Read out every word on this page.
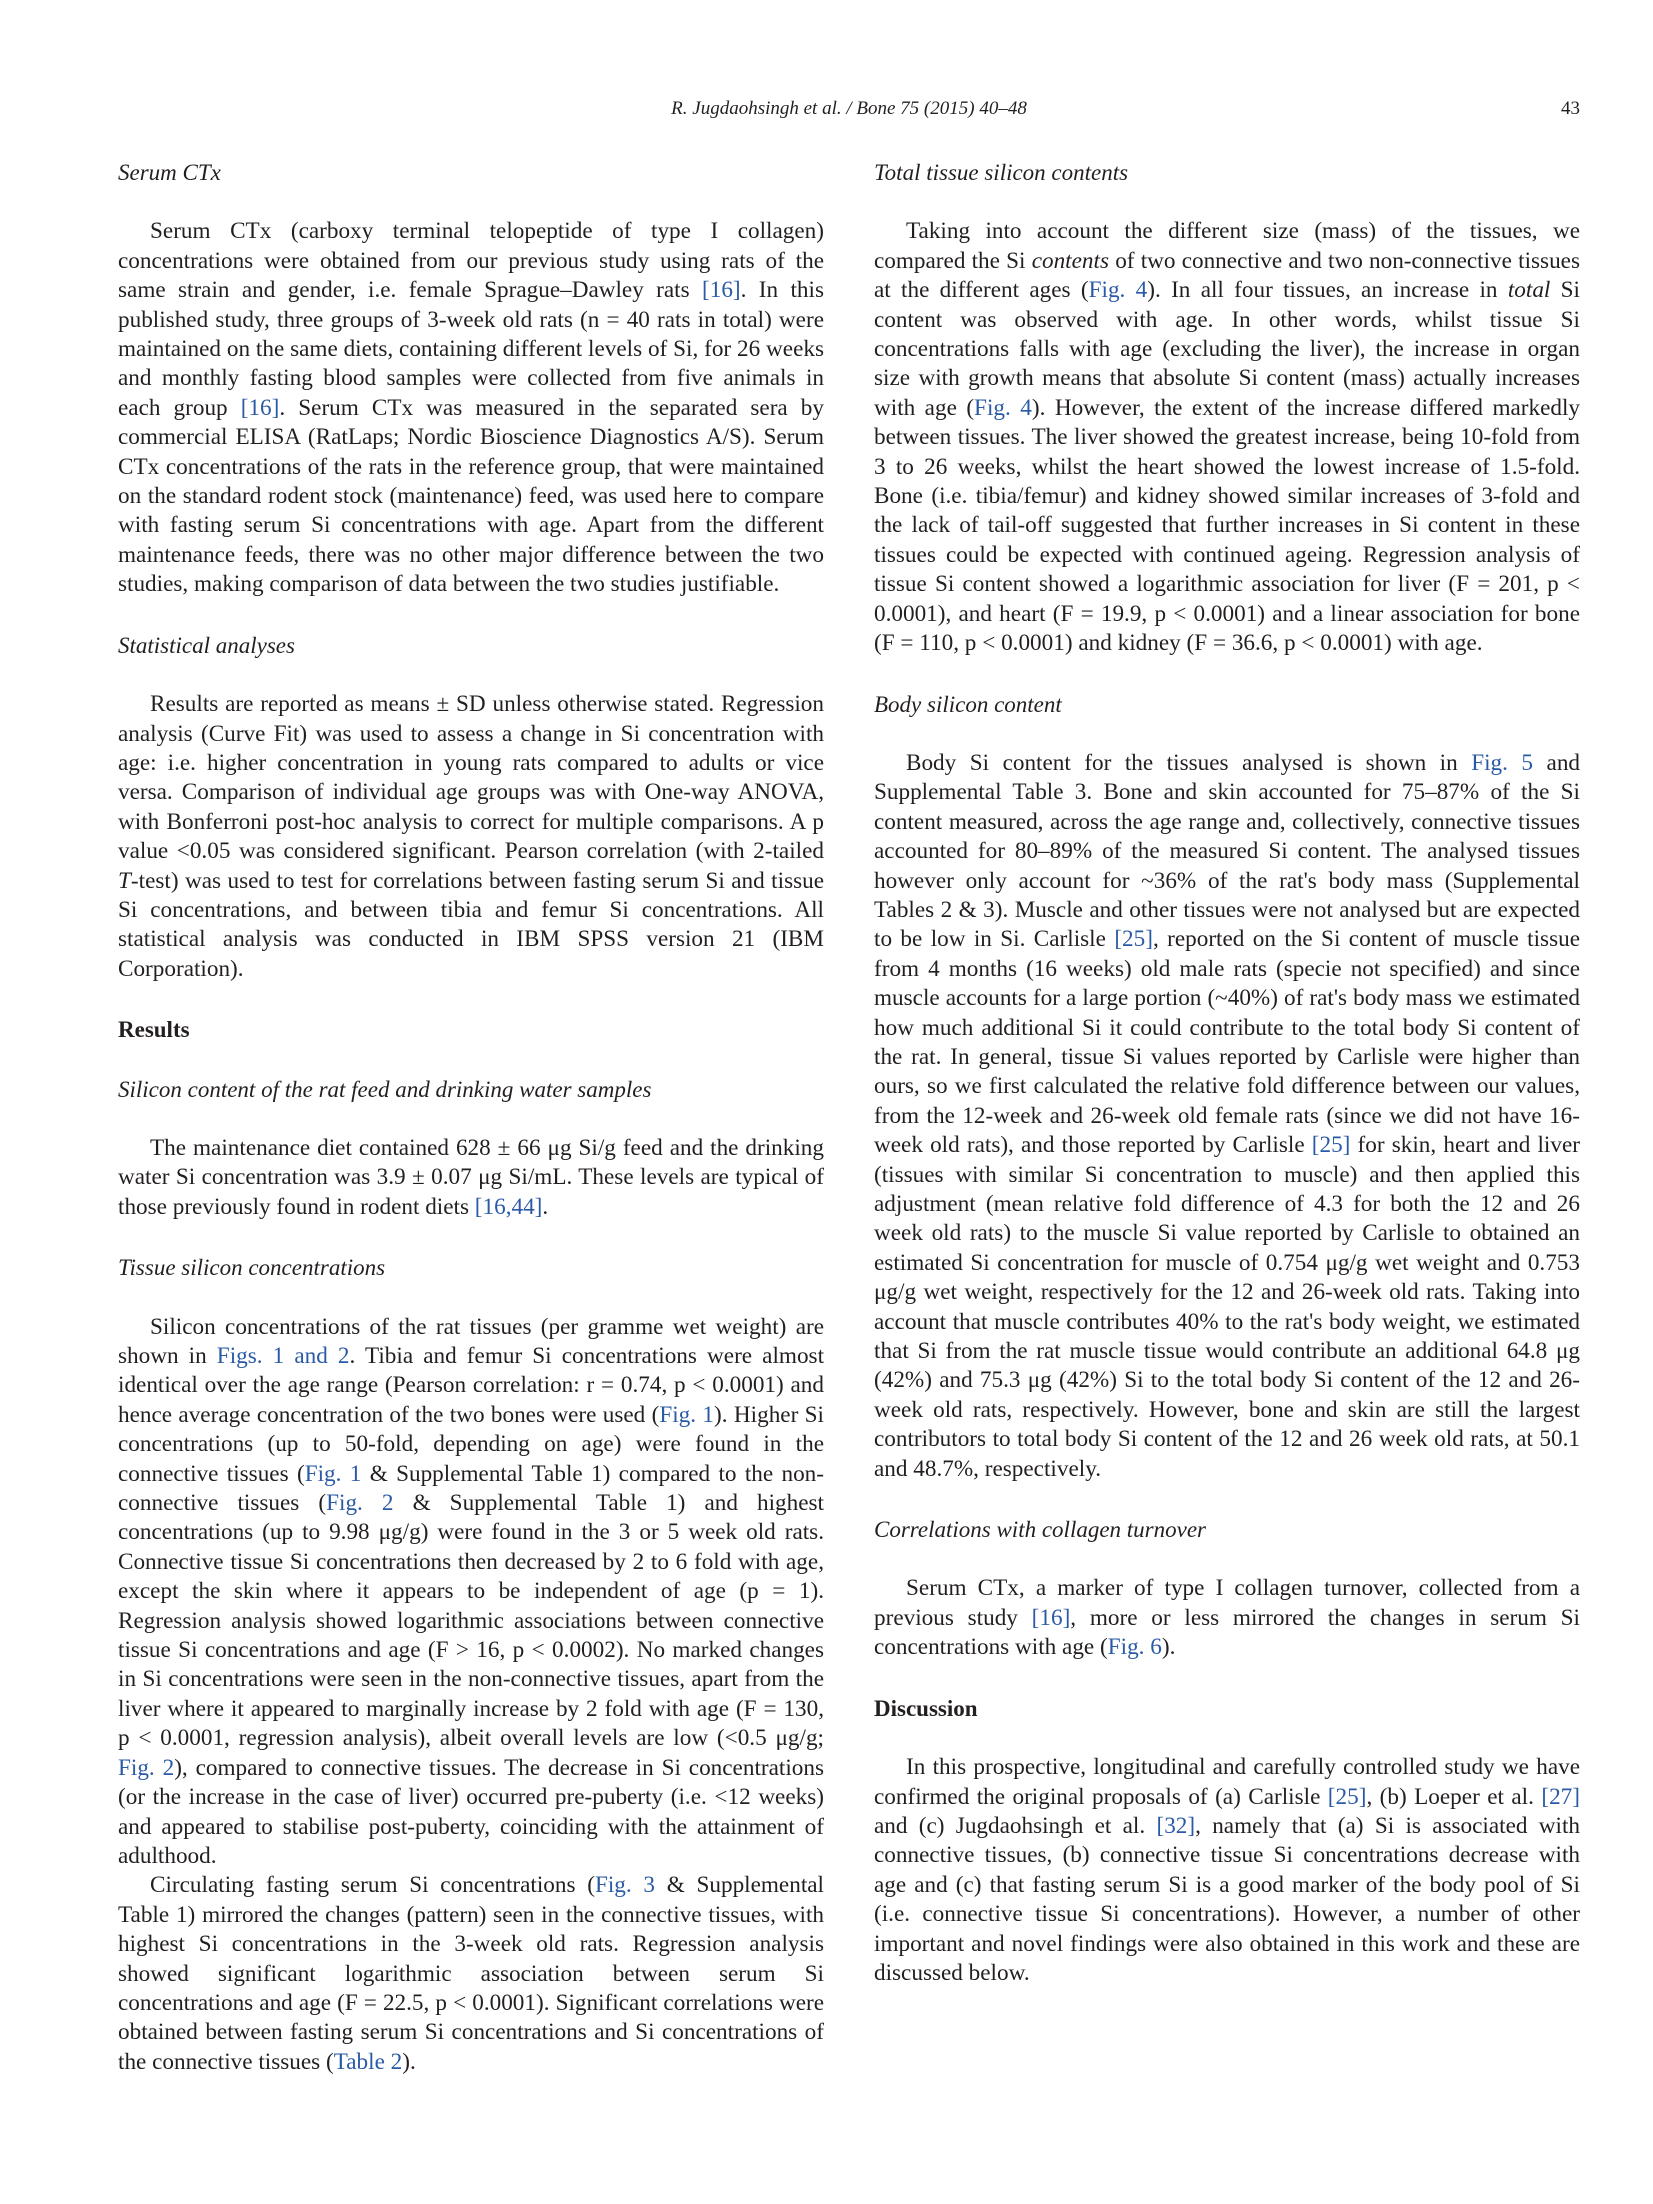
R. Jugdaohsingh et al. / Bone 75 (2015) 40–48	43
Serum CTx

Serum CTx (carboxy terminal telopeptide of type I collagen) concentrations were obtained from our previous study using rats of the same strain and gender, i.e. female Sprague–Dawley rats [16]. In this published study, three groups of 3-week old rats (n = 40 rats in total) were maintained on the same diets, containing different levels of Si, for 26 weeks and monthly fasting blood samples were collected from five animals in each group [16]. Serum CTx was measured in the separated sera by commercial ELISA (RatLaps; Nordic Bioscience Diagnostics A/S). Serum CTx concentrations of the rats in the reference group, that were maintained on the standard rodent stock (maintenance) feed, was used here to compare with fasting serum Si concentrations with age. Apart from the different maintenance feeds, there was no other major difference between the two studies, making comparison of data between the two studies justifiable.

Statistical analyses

Results are reported as means ± SD unless otherwise stated. Regression analysis (Curve Fit) was used to assess a change in Si concentration with age: i.e. higher concentration in young rats compared to adults or vice versa. Comparison of individual age groups was with One-way ANOVA, with Bonferroni post-hoc analysis to correct for multiple comparisons. A p value <0.05 was considered significant. Pearson correlation (with 2-tailed T-test) was used to test for correlations between fasting serum Si and tissue Si concentrations, and between tibia and femur Si concentrations. All statistical analysis was conducted in IBM SPSS version 21 (IBM Corporation).

Results
Silicon content of the rat feed and drinking water samples

The maintenance diet contained 628 ± 66 μg Si/g feed and the drinking water Si concentration was 3.9 ± 0.07 μg Si/mL. These levels are typical of those previously found in rodent diets [16,44].

Tissue silicon concentrations

Silicon concentrations of the rat tissues (per gramme wet weight) are shown in Figs. 1 and 2. Tibia and femur Si concentrations were almost identical over the age range (Pearson correlation: r = 0.74, p < 0.0001) and hence average concentration of the two bones were used (Fig. 1). Higher Si concentrations (up to 50-fold, depending on age) were found in the connective tissues (Fig. 1 & Supplemental Table 1) compared to the non-connective tissues (Fig. 2 & Supplemental Table 1) and highest concentrations (up to 9.98 μg/g) were found in the 3 or 5 week old rats. Connective tissue Si concentrations then decreased by 2 to 6 fold with age, except the skin where it appears to be independent of age (p = 1). Regression analysis showed logarithmic associations between connective tissue Si concentrations and age (F > 16, p < 0.0002). No marked changes in Si concentrations were seen in the non-connective tissues, apart from the liver where it appeared to marginally increase by 2 fold with age (F = 130, p < 0.0001, regression analysis), albeit overall levels are low (<0.5 μg/g; Fig. 2), compared to connective tissues. The decrease in Si concentrations (or the increase in the case of liver) occurred pre-puberty (i.e. <12 weeks) and appeared to stabilise post-puberty, coinciding with the attainment of adulthood.

Circulating fasting serum Si concentrations (Fig. 3 & Supplemental Table 1) mirrored the changes (pattern) seen in the connective tissues, with highest Si concentrations in the 3-week old rats. Regression analysis showed significant logarithmic association between serum Si concentrations and age (F = 22.5, p < 0.0001). Significant correlations were obtained between fasting serum Si concentrations and Si concentrations of the connective tissues (Table 2).

Total tissue silicon contents

Taking into account the different size (mass) of the tissues, we compared the Si contents of two connective and two non-connective tissues at the different ages (Fig. 4). In all four tissues, an increase in total Si content was observed with age. In other words, whilst tissue Si concentrations falls with age (excluding the liver), the increase in organ size with growth means that absolute Si content (mass) actually increases with age (Fig. 4). However, the extent of the increase differed markedly between tissues. The liver showed the greatest increase, being 10-fold from 3 to 26 weeks, whilst the heart showed the lowest increase of 1.5-fold. Bone (i.e. tibia/femur) and kidney showed similar increases of 3-fold and the lack of tail-off suggested that further increases in Si content in these tissues could be expected with continued ageing. Regression analysis of tissue Si content showed a logarithmic association for liver (F = 201, p < 0.0001), and heart (F = 19.9, p < 0.0001) and a linear association for bone (F = 110, p < 0.0001) and kidney (F = 36.6, p < 0.0001) with age.

Body silicon content

Body Si content for the tissues analysed is shown in Fig. 5 and Supplemental Table 3. Bone and skin accounted for 75–87% of the Si content measured, across the age range and, collectively, connective tissues accounted for 80–89% of the measured Si content. The analysed tissues however only account for ~36% of the rat's body mass (Supplemental Tables 2 & 3). Muscle and other tissues were not analysed but are expected to be low in Si. Carlisle [25], reported on the Si content of muscle tissue from 4 months (16 weeks) old male rats (specie not specified) and since muscle accounts for a large portion (~40%) of rat's body mass we estimated how much additional Si it could contribute to the total body Si content of the rat. In general, tissue Si values reported by Carlisle were higher than ours, so we first calculated the relative fold difference between our values, from the 12-week and 26-week old female rats (since we did not have 16-week old rats), and those reported by Carlisle [25] for skin, heart and liver (tissues with similar Si concentration to muscle) and then applied this adjustment (mean relative fold difference of 4.3 for both the 12 and 26 week old rats) to the muscle Si value reported by Carlisle to obtained an estimated Si concentration for muscle of 0.754 μg/g wet weight and 0.753 μg/g wet weight, respectively for the 12 and 26-week old rats. Taking into account that muscle contributes 40% to the rat's body weight, we estimated that Si from the rat muscle tissue would contribute an additional 64.8 μg (42%) and 75.3 μg (42%) Si to the total body Si content of the 12 and 26-week old rats, respectively. However, bone and skin are still the largest contributors to total body Si content of the 12 and 26 week old rats, at 50.1 and 48.7%, respectively.

Correlations with collagen turnover

Serum CTx, a marker of type I collagen turnover, collected from a previous study [16], more or less mirrored the changes in serum Si concentrations with age (Fig. 6).

Discussion

In this prospective, longitudinal and carefully controlled study we have confirmed the original proposals of (a) Carlisle [25], (b) Loeper et al. [27] and (c) Jugdaohsingh et al. [32], namely that (a) Si is associated with connective tissues, (b) connective tissue Si concentrations decrease with age and (c) that fasting serum Si is a good marker of the body pool of Si (i.e. connective tissue Si concentrations). However, a number of other important and novel findings were also obtained in this work and these are discussed below.
